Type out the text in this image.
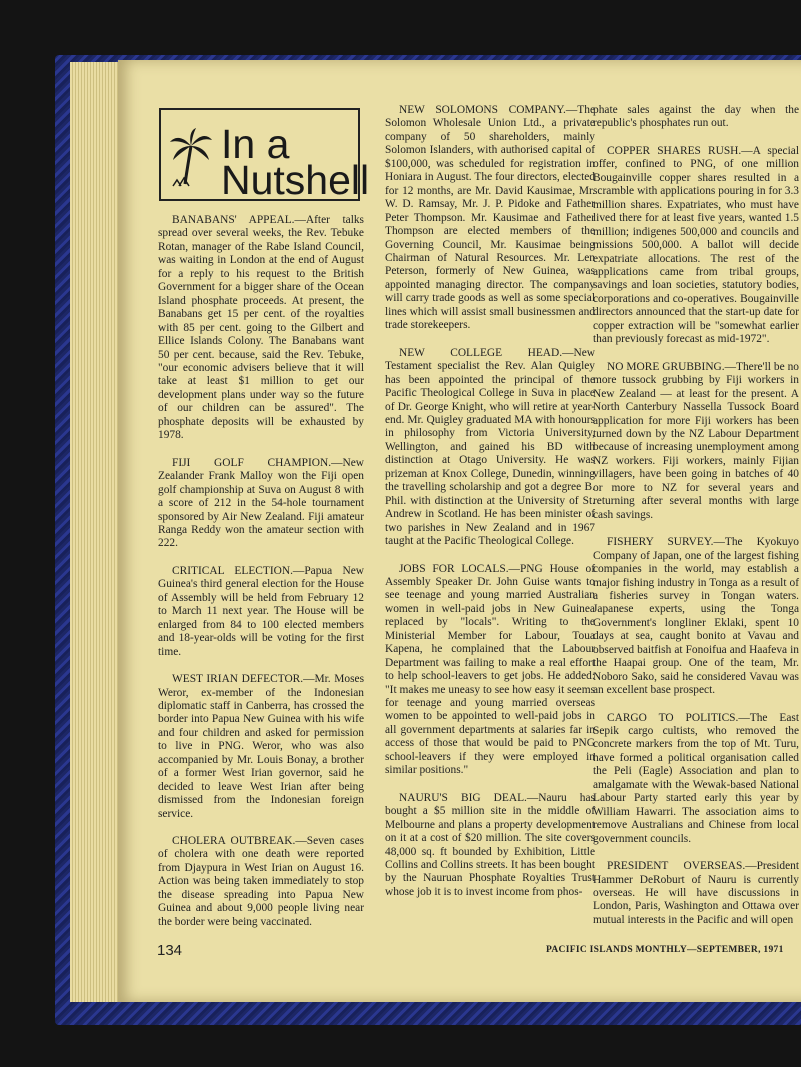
In a
Nutshell

BANABANS' APPEAL.—After talks spread over several weeks, the Rev. Tebuke Rotan, manager of the Rabe Island Council, was waiting in London at the end of August for a reply to his request to the British Government for a bigger share of the Ocean Island phosphate proceeds. At present, the Banabans get 15 per cent. of the royalties with 85 per cent. going to the Gilbert and Ellice Islands Colony. The Banabans want 50 per cent. because, said the Rev. Tebuke, "our economic advisers believe that it will take at least $1 million to get our development plans under way so the future of our children can be assured". The phosphate deposits will be exhausted by 1978.

FIJI GOLF CHAMPION.—New Zealander Frank Malloy won the Fiji open golf championship at Suva on August 8 with a score of 212 in the 54-hole tournament sponsored by Air New Zealand. Fiji amateur Ranga Reddy won the amateur section with 222.

CRITICAL ELECTION.—Papua New Guinea's third general election for the House of Assembly will be held from February 12 to March 11 next year. The House will be enlarged from 84 to 100 elected members and 18-year-olds will be voting for the first time.

WEST IRIAN DEFECTOR.—Mr. Moses Weror, ex-member of the Indonesian diplomatic staff in Canberra, has crossed the border into Papua New Guinea with his wife and four children and asked for permission to live in PNG. Weror, who was also accompanied by Mr. Louis Bonay, a brother of a former West Irian governor, said he decided to leave West Irian after being dismissed from the Indonesian foreign service.

CHOLERA OUTBREAK.—Seven cases of cholera with one death were reported from Djaypura in West Irian on August 16. Action was being taken immediately to stop the disease spreading into Papua New Guinea and about 9,000 people living near the border were being vaccinated.

NEW SOLOMONS COMPANY.—The Solomon Wholesale Union Ltd., a private company of 50 shareholders, mainly Solomon Islanders, with authorised capital of $100,000, was scheduled for registration in Honiara in August. The four directors, elected for 12 months, are Mr. David Kausimae, Mr. W. D. Ramsay, Mr. J. P. Pidoke and Father Peter Thompson. Mr. Kausimae and Father Thompson are elected members of the Governing Council, Mr. Kausimae being Chairman of Natural Resources. Mr. Len Peterson, formerly of New Guinea, was appointed managing director. The company will carry trade goods as well as some special lines which will assist small businessmen and trade storekeepers.

NEW COLLEGE HEAD.—New Testament specialist the Rev. Alan Quigley has been appointed the principal of the Pacific Theological College in Suva in place of Dr. George Knight, who will retire at year-end. Mr. Quigley graduated MA with honours in philosophy from Victoria University, Wellington, and gained his BD with distinction at Otago University. He was prizeman at Knox College, Dunedin, winning the travelling scholarship and got a degree B. Phil. with distinction at the University of St. Andrew in Scotland. He has been minister of two parishes in New Zealand and in 1967 taught at the Pacific Theological College.

JOBS FOR LOCALS.—PNG House of Assembly Speaker Dr. John Guise wants to see teenage and young married Australian women in well-paid jobs in New Guinea replaced by "locals". Writing to the Ministerial Member for Labour, Toua Kapena, he complained that the Labour Department was failing to make a real effort to help school-leavers to get jobs. He added: "It makes me uneasy to see how easy it seems for teenage and young married overseas women to be appointed to well-paid jobs in all government departments at salaries far in access of those that would be paid to PNG school-leavers if they were employed in similar positions."

NAURU'S BIG DEAL.—Nauru has bought a $5 million site in the middle of Melbourne and plans a property development on it at a cost of $20 million. The site covers 48,000 sq. ft bounded by Exhibition, Little Collins and Collins streets. It has been bought by the Nauruan Phosphate Royalties Trust whose job it is to invest income from phos-

phate sales against the day when the republic's phosphates run out.

COPPER SHARES RUSH.—A special offer, confined to PNG, of one million Bougainville copper shares resulted in a scramble with applications pouring in for 3.3 million shares. Expatriates, who must have lived there for at least five years, wanted 1.5 million; indigenes 500,000 and councils and missions 500,000. A ballot will decide expatriate allocations. The rest of the applications came from tribal groups, savings and loan societies, statutory bodies, corporations and co-operatives. Bougainville directors announced that the start-up date for copper extraction will be "somewhat earlier than previously forecast as mid-1972".

NO MORE GRUBBING.—There'll be no more tussock grubbing by Fiji workers in New Zealand — at least for the present. A North Canterbury Nassella Tussock Board application for more Fiji workers has been turned down by the NZ Labour Department because of increasing unemployment among NZ workers. Fiji workers, mainly Fijian villagers, have been going in batches of 40 or more to NZ for several years and returning after several months with large cash savings.

FISHERY SURVEY.—The Kyokuyo Company of Japan, one of the largest fishing companies in the world, may establish a major fishing industry in Tonga as a result of a fisheries survey in Tongan waters. Japanese experts, using the Tonga Government's longliner Eklaki, spent 10 days at sea, caught bonito at Vavau and observed baitfish at Fonoifua and Haafeva in the Haapai group. One of the team, Mr. Noboro Sako, said he considered Vavau was an excellent base prospect.

CARGO TO POLITICS.—The East Sepik cargo cultists, who removed the concrete markers from the top of Mt. Turu, have formed a political organisation called the Peli (Eagle) Association and plan to amalgamate with the Wewak-based National Labour Party started early this year by William Hawarri. The association aims to remove Australians and Chinese from local government councils.

PRESIDENT OVERSEAS.—President Hammer DeRoburt of Nauru is currently overseas. He will have discussions in London, Paris, Washington and Ottawa over mutual interests in the Pacific and will open

134	PACIFIC ISLANDS MONTHLY—SEPTEMBER, 1971
